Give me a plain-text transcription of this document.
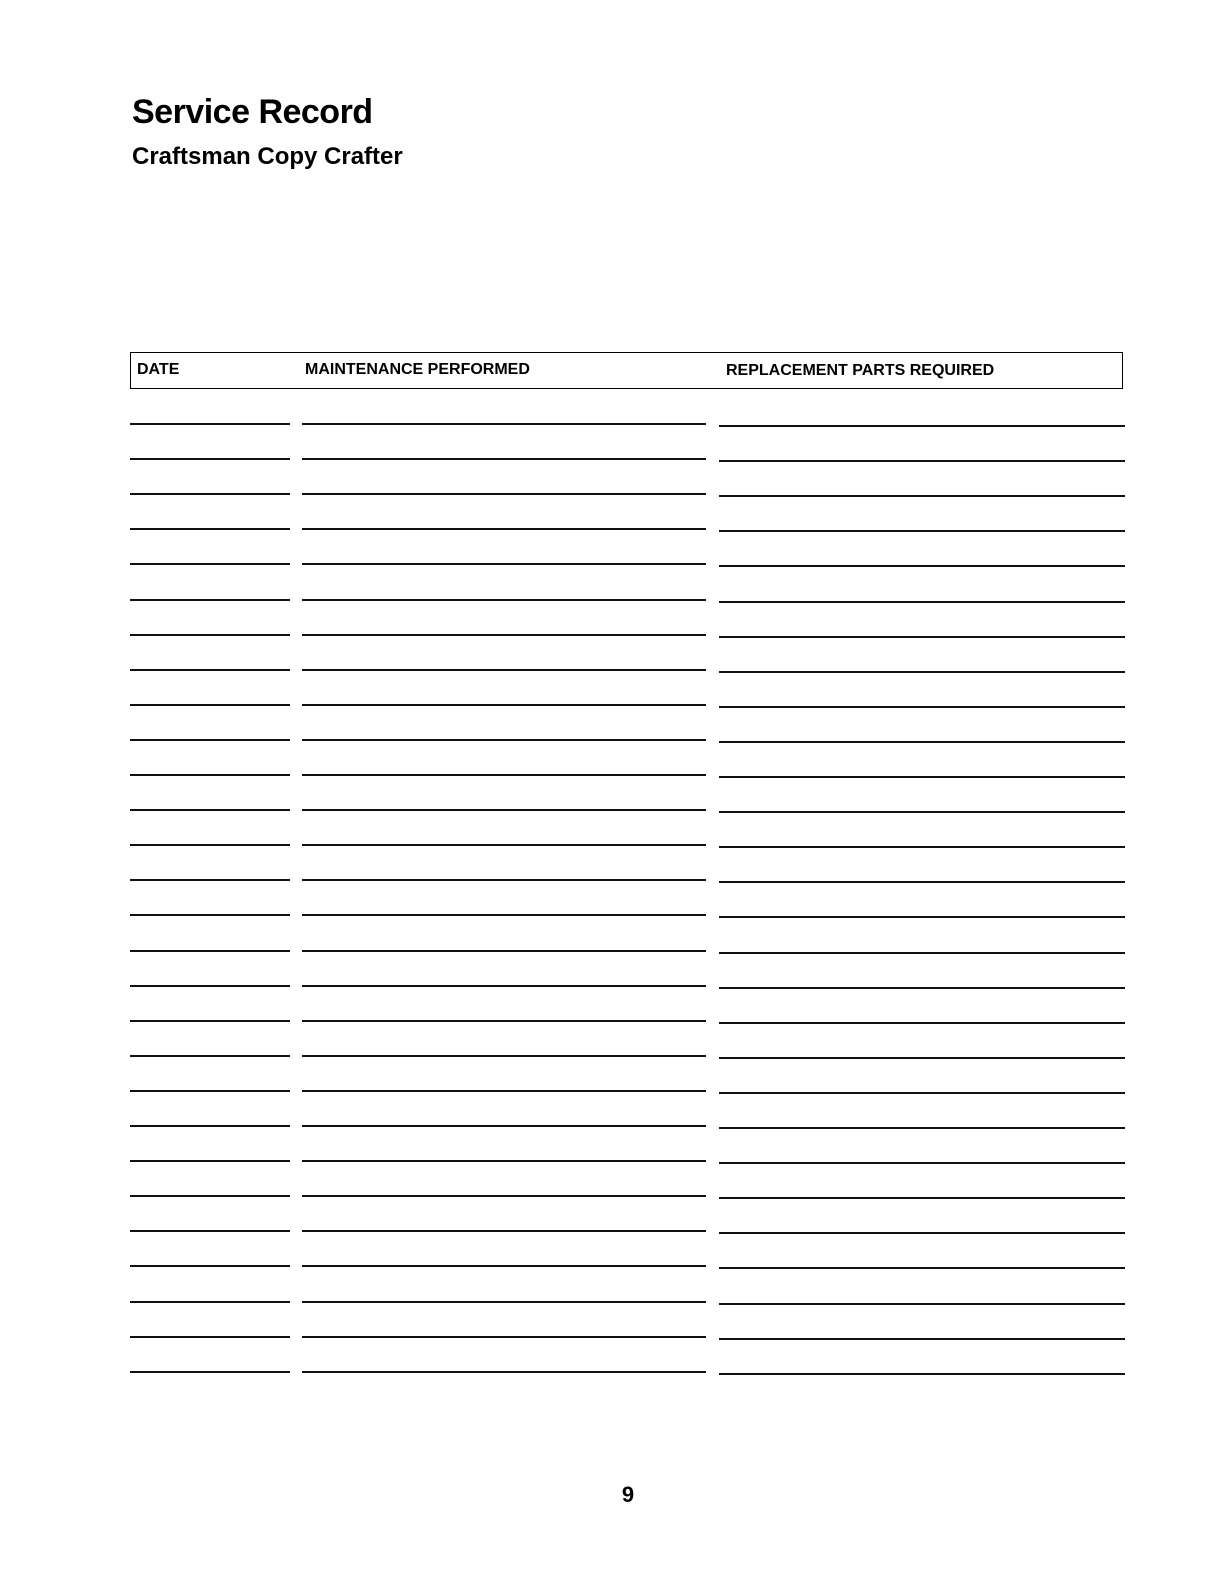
Service Record
Craftsman Copy Crafter
DATE	MAINTENANCE PERFORMED	REPLACEMENT PARTS REQUIRED
9
